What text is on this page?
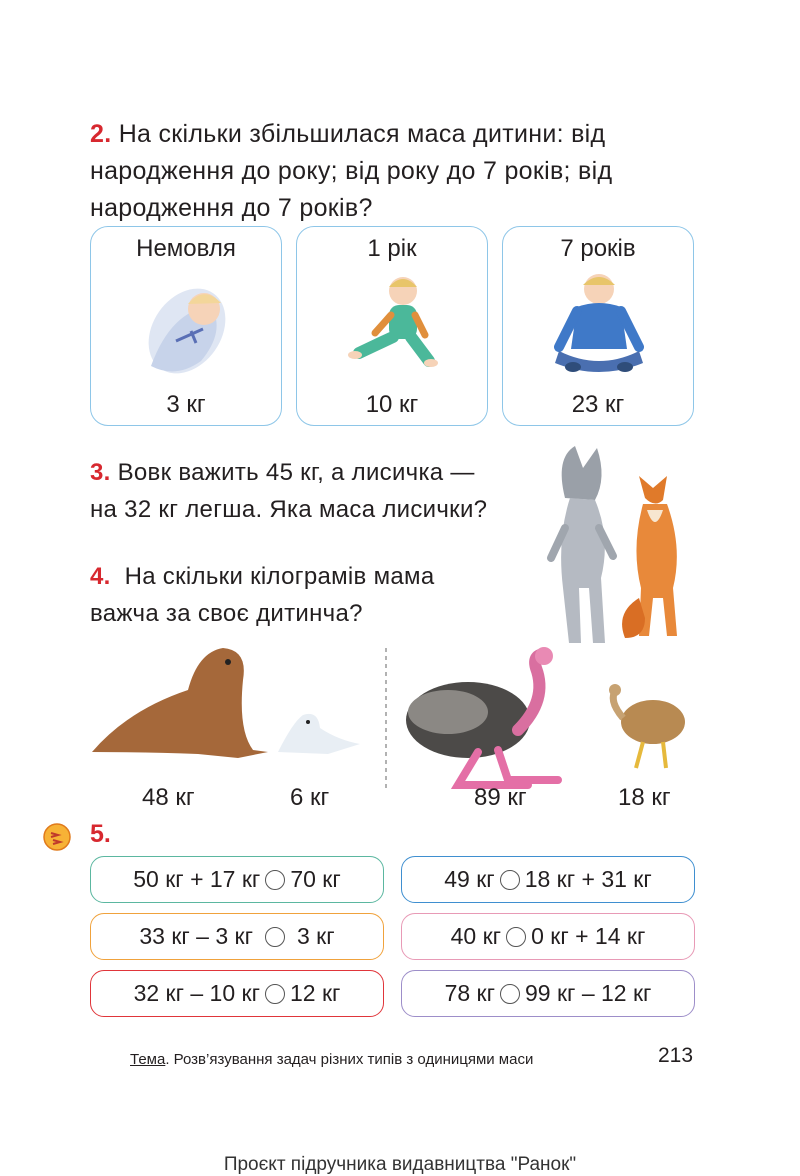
2. На скільки збільшилася маса дитини: від
народження до року; від року до 7 років; від
народження до 7 років?
Немовля
3 кг
1 рік
10 кг
7 років
23 кг
3. Вовк важить 45 кг, а лисичка —
на 32 кг легша. Яка маса лисички?
4. На скільки кілограмів мама
важча за своє дитинча?
48 кг	6 кг	89 кг	18 кг
5.
50 кг + 17 кг 70 кг	49 кг 18 кг + 31 кг
33 кг – 3 кг 3 кг	40 кг 0 кг + 14 кг
32 кг – 10 кг 12 кг	78 кг 99 кг – 12 кг
Тема. Розв’язування задач різних типів з одиницями маси	213
Проєкт підручника видавництва "Ранок"
